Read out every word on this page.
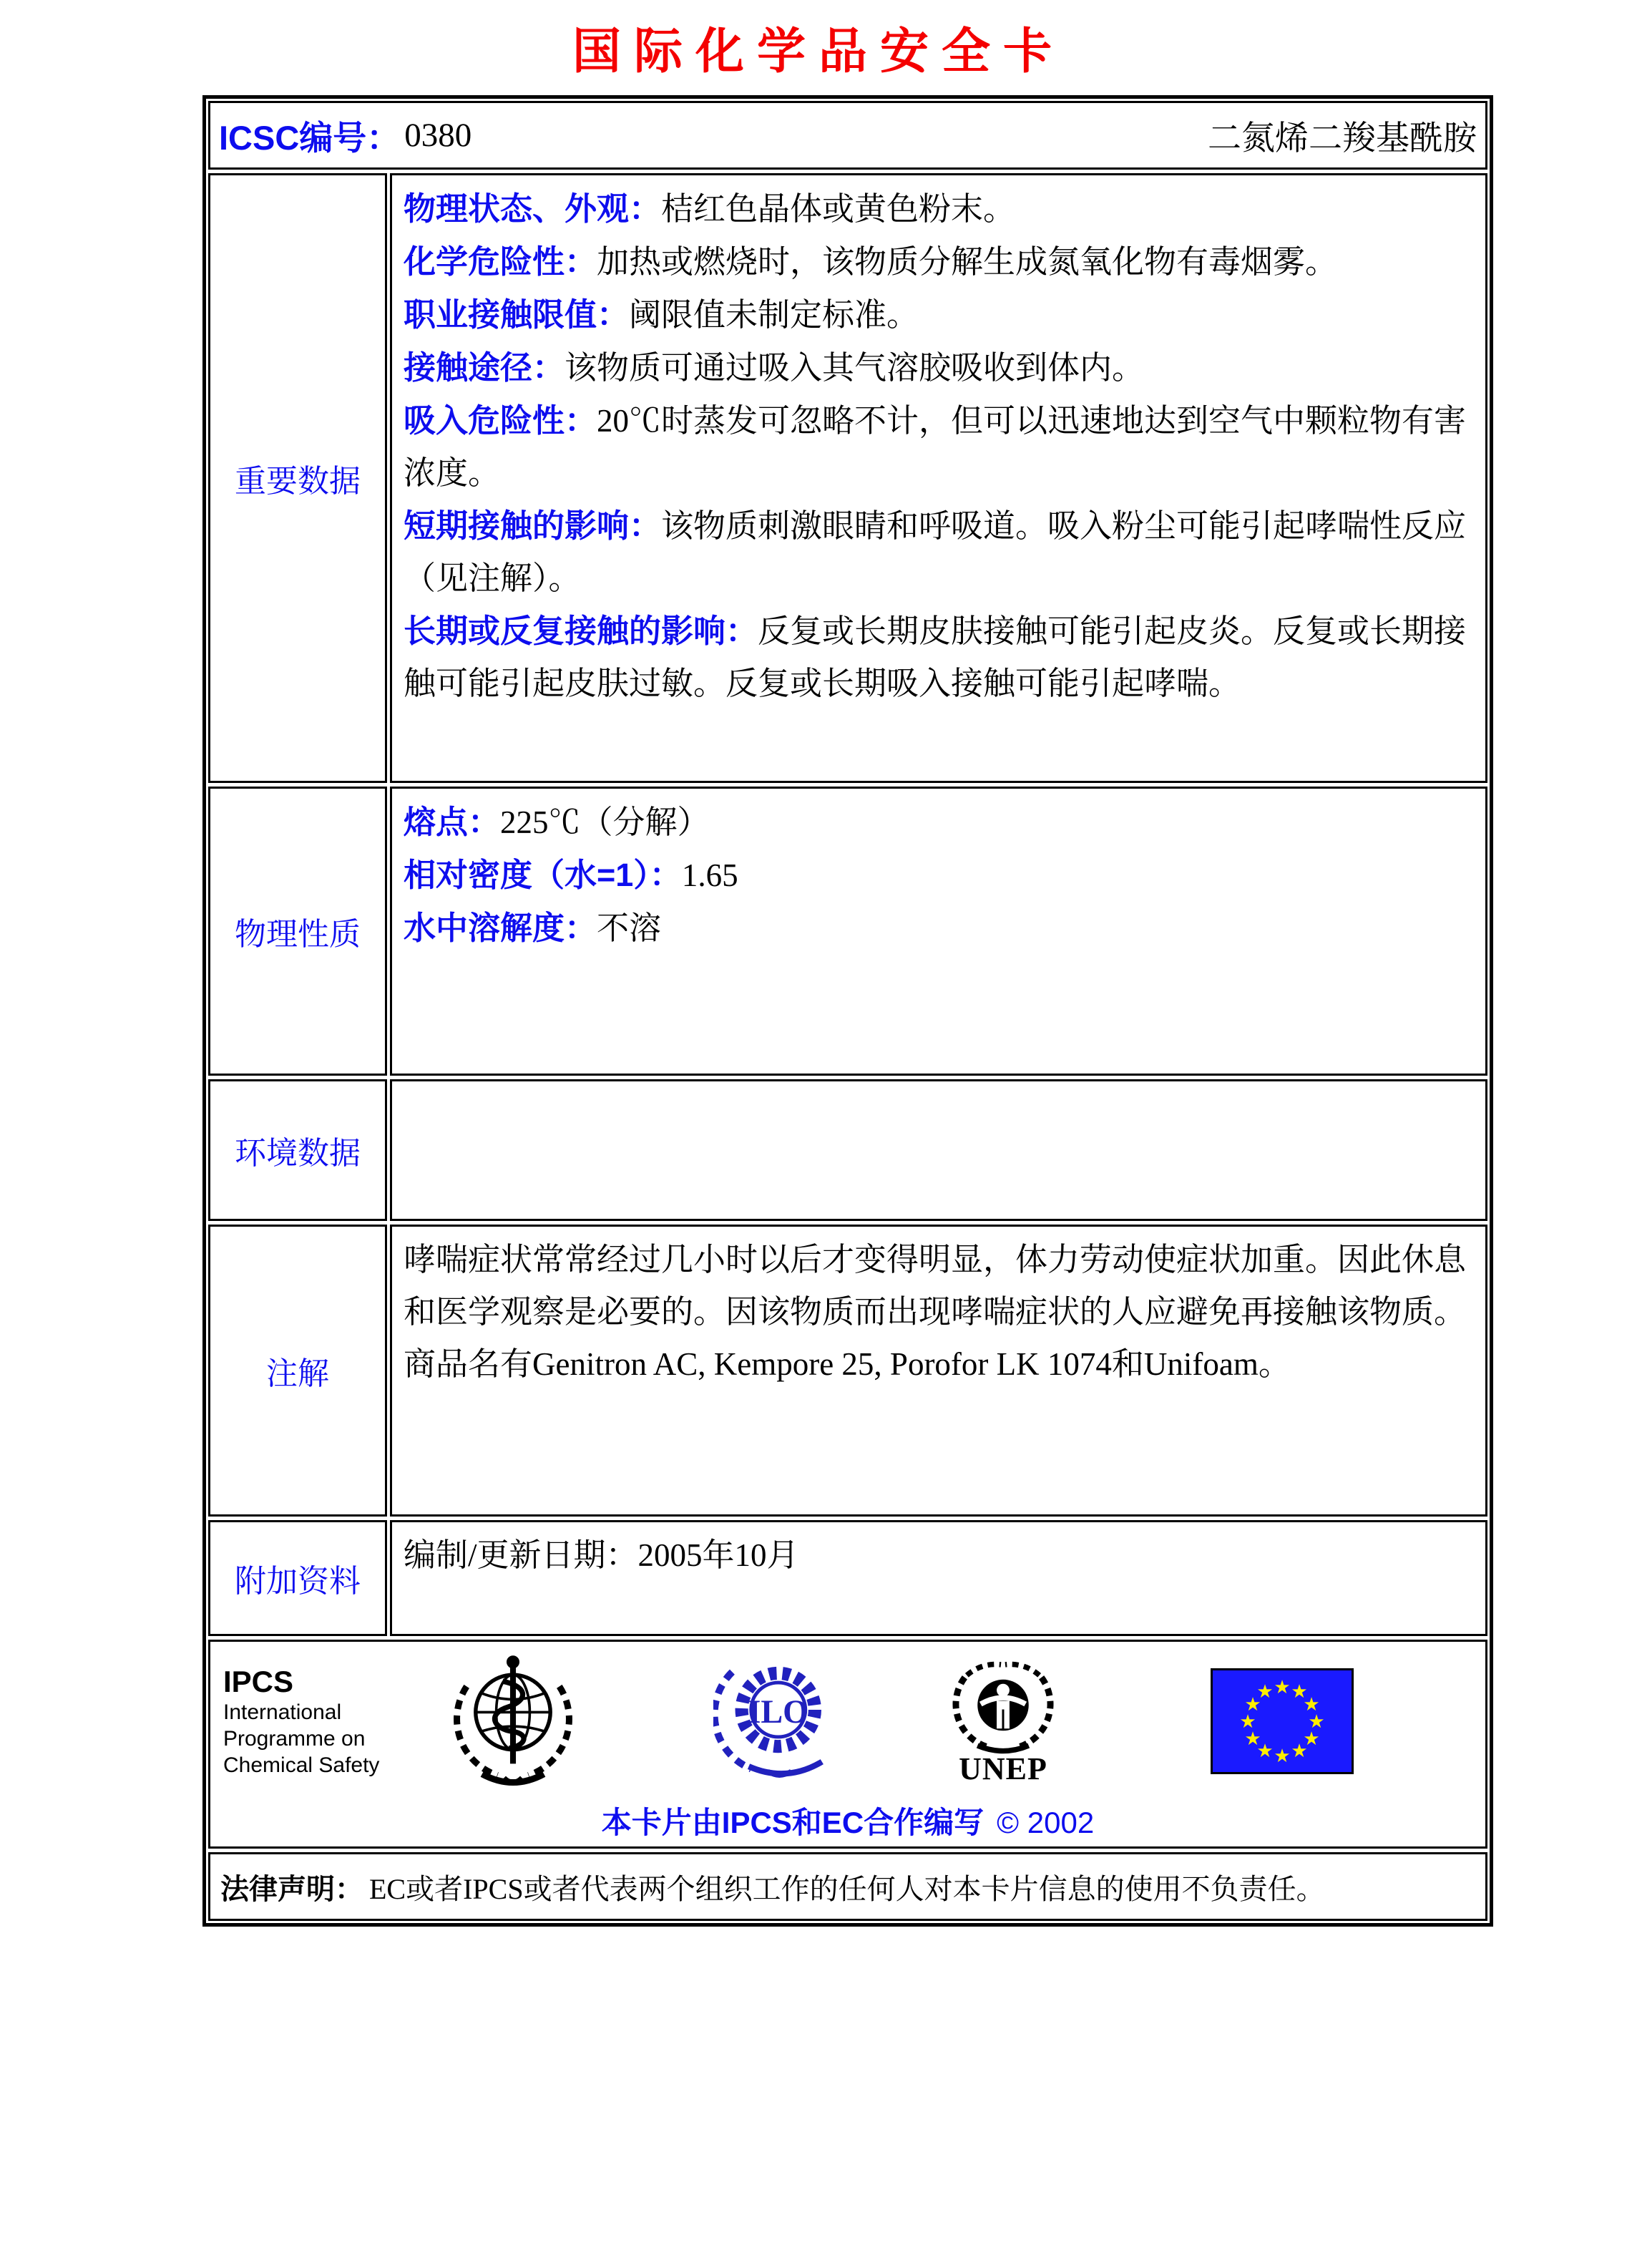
国际化学品安全卡
ICSC编号： 0380	二氮烯二羧基酰胺
重要数据

物理状态、外观：桔红色晶体或黄色粉末。

化学危险性：加热或燃烧时，该物质分解生成氮氧化物有毒烟雾。

职业接触限值：阈限值未制定标准。

接触途径：该物质可通过吸入其气溶胶吸收到体内。

吸入危险性：20℃时蒸发可忽略不计，但可以迅速地达到空气中颗粒物有害浓度。

短期接触的影响：该物质刺激眼睛和呼吸道。吸入粉尘可能引起哮喘性反应（见注解）。

长期或反复接触的影响：反复或长期皮肤接触可能引起皮炎。反复或长期接触可能引起皮肤过敏。反复或长期吸入接触可能引起哮喘。

物理性质

熔点：225℃（分解）

相对密度（水=1）：1.65

水中溶解度：不溶

环境数据

注解

哮喘症状常常经过几小时以后才变得明显，体力劳动使症状加重。因此休息和医学观察是必要的。因该物质而出现哮喘症状的人应避免再接触该物质。商品名有Genitron AC, Kempore 25, Porofor LK 1074和Unifoam。

附加资料

编制/更新日期：2005年10月

IPCS
International
Programme on
Chemical Safety
ILO
UNEP
★ ★
★
★
★
★
★
★
★
★
★
★
本卡片由IPCS和EC合作编写 © 2002
法律声明： EC或者IPCS或者代表两个组织工作的任何人对本卡片信息的使用不负责任。
